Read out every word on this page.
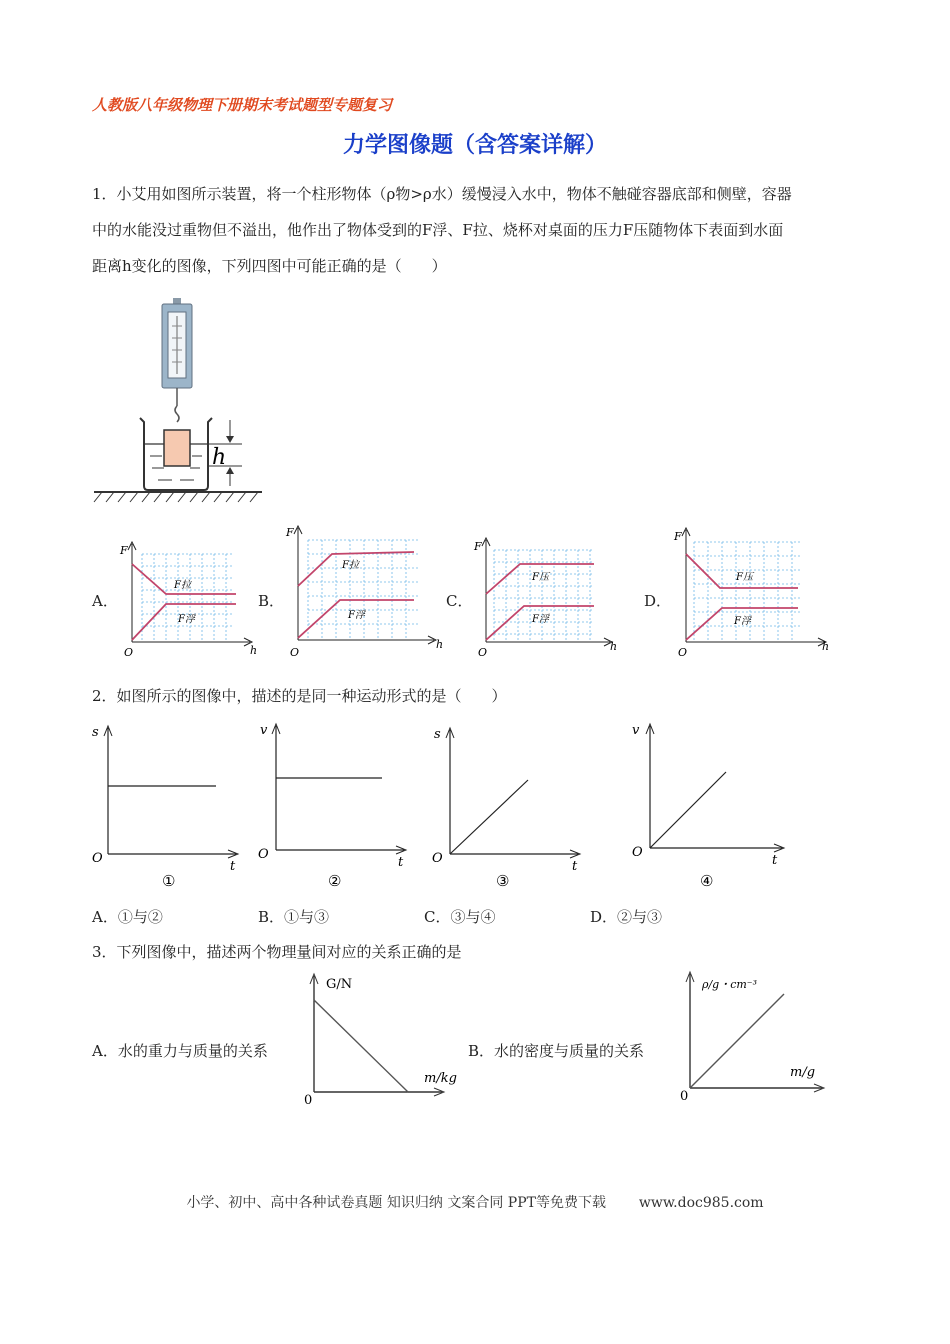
人教版八年级物理下册期末考试题型专题复习
力学图像题（含答案详解）
1．小艾用如图所示装置，将一个柱形物体（ρ物>ρ水）缓慢浸入水中，物体不触碰容器底部和侧壁，容器
中的水能没过重物但不溢出，他作出了物体受到的F浮、F拉、烧杯对桌面的压力F压随物体下表面到水面
距离h变化的图像，下列四图中可能正确的是（　　）
h
A．
F
h
O
F拉
F浮
B．
F
h
O
F拉
F浮
C．
F
h
O
F压
F浮
D．
F
h
O
F压
F浮
2．如图所示的图像中，描述的是同一种运动形式的是（　　）
s
t
O
①
v
t
O
②
s
t
O
③
v
t
O
④
A．①与②	B．①与③	C．③与④	D．②与③
3．下列图像中，描述两个物理量间对应的关系正确的是
A．水的重力与质量的关系
G/N
m/kg
0
B．水的密度与质量的关系
ρ/g・cm⁻³
m/g
0
小学、初中、高中各种试卷真题 知识归纳 文案合同 PPT等免费下载 www.doc985.com
